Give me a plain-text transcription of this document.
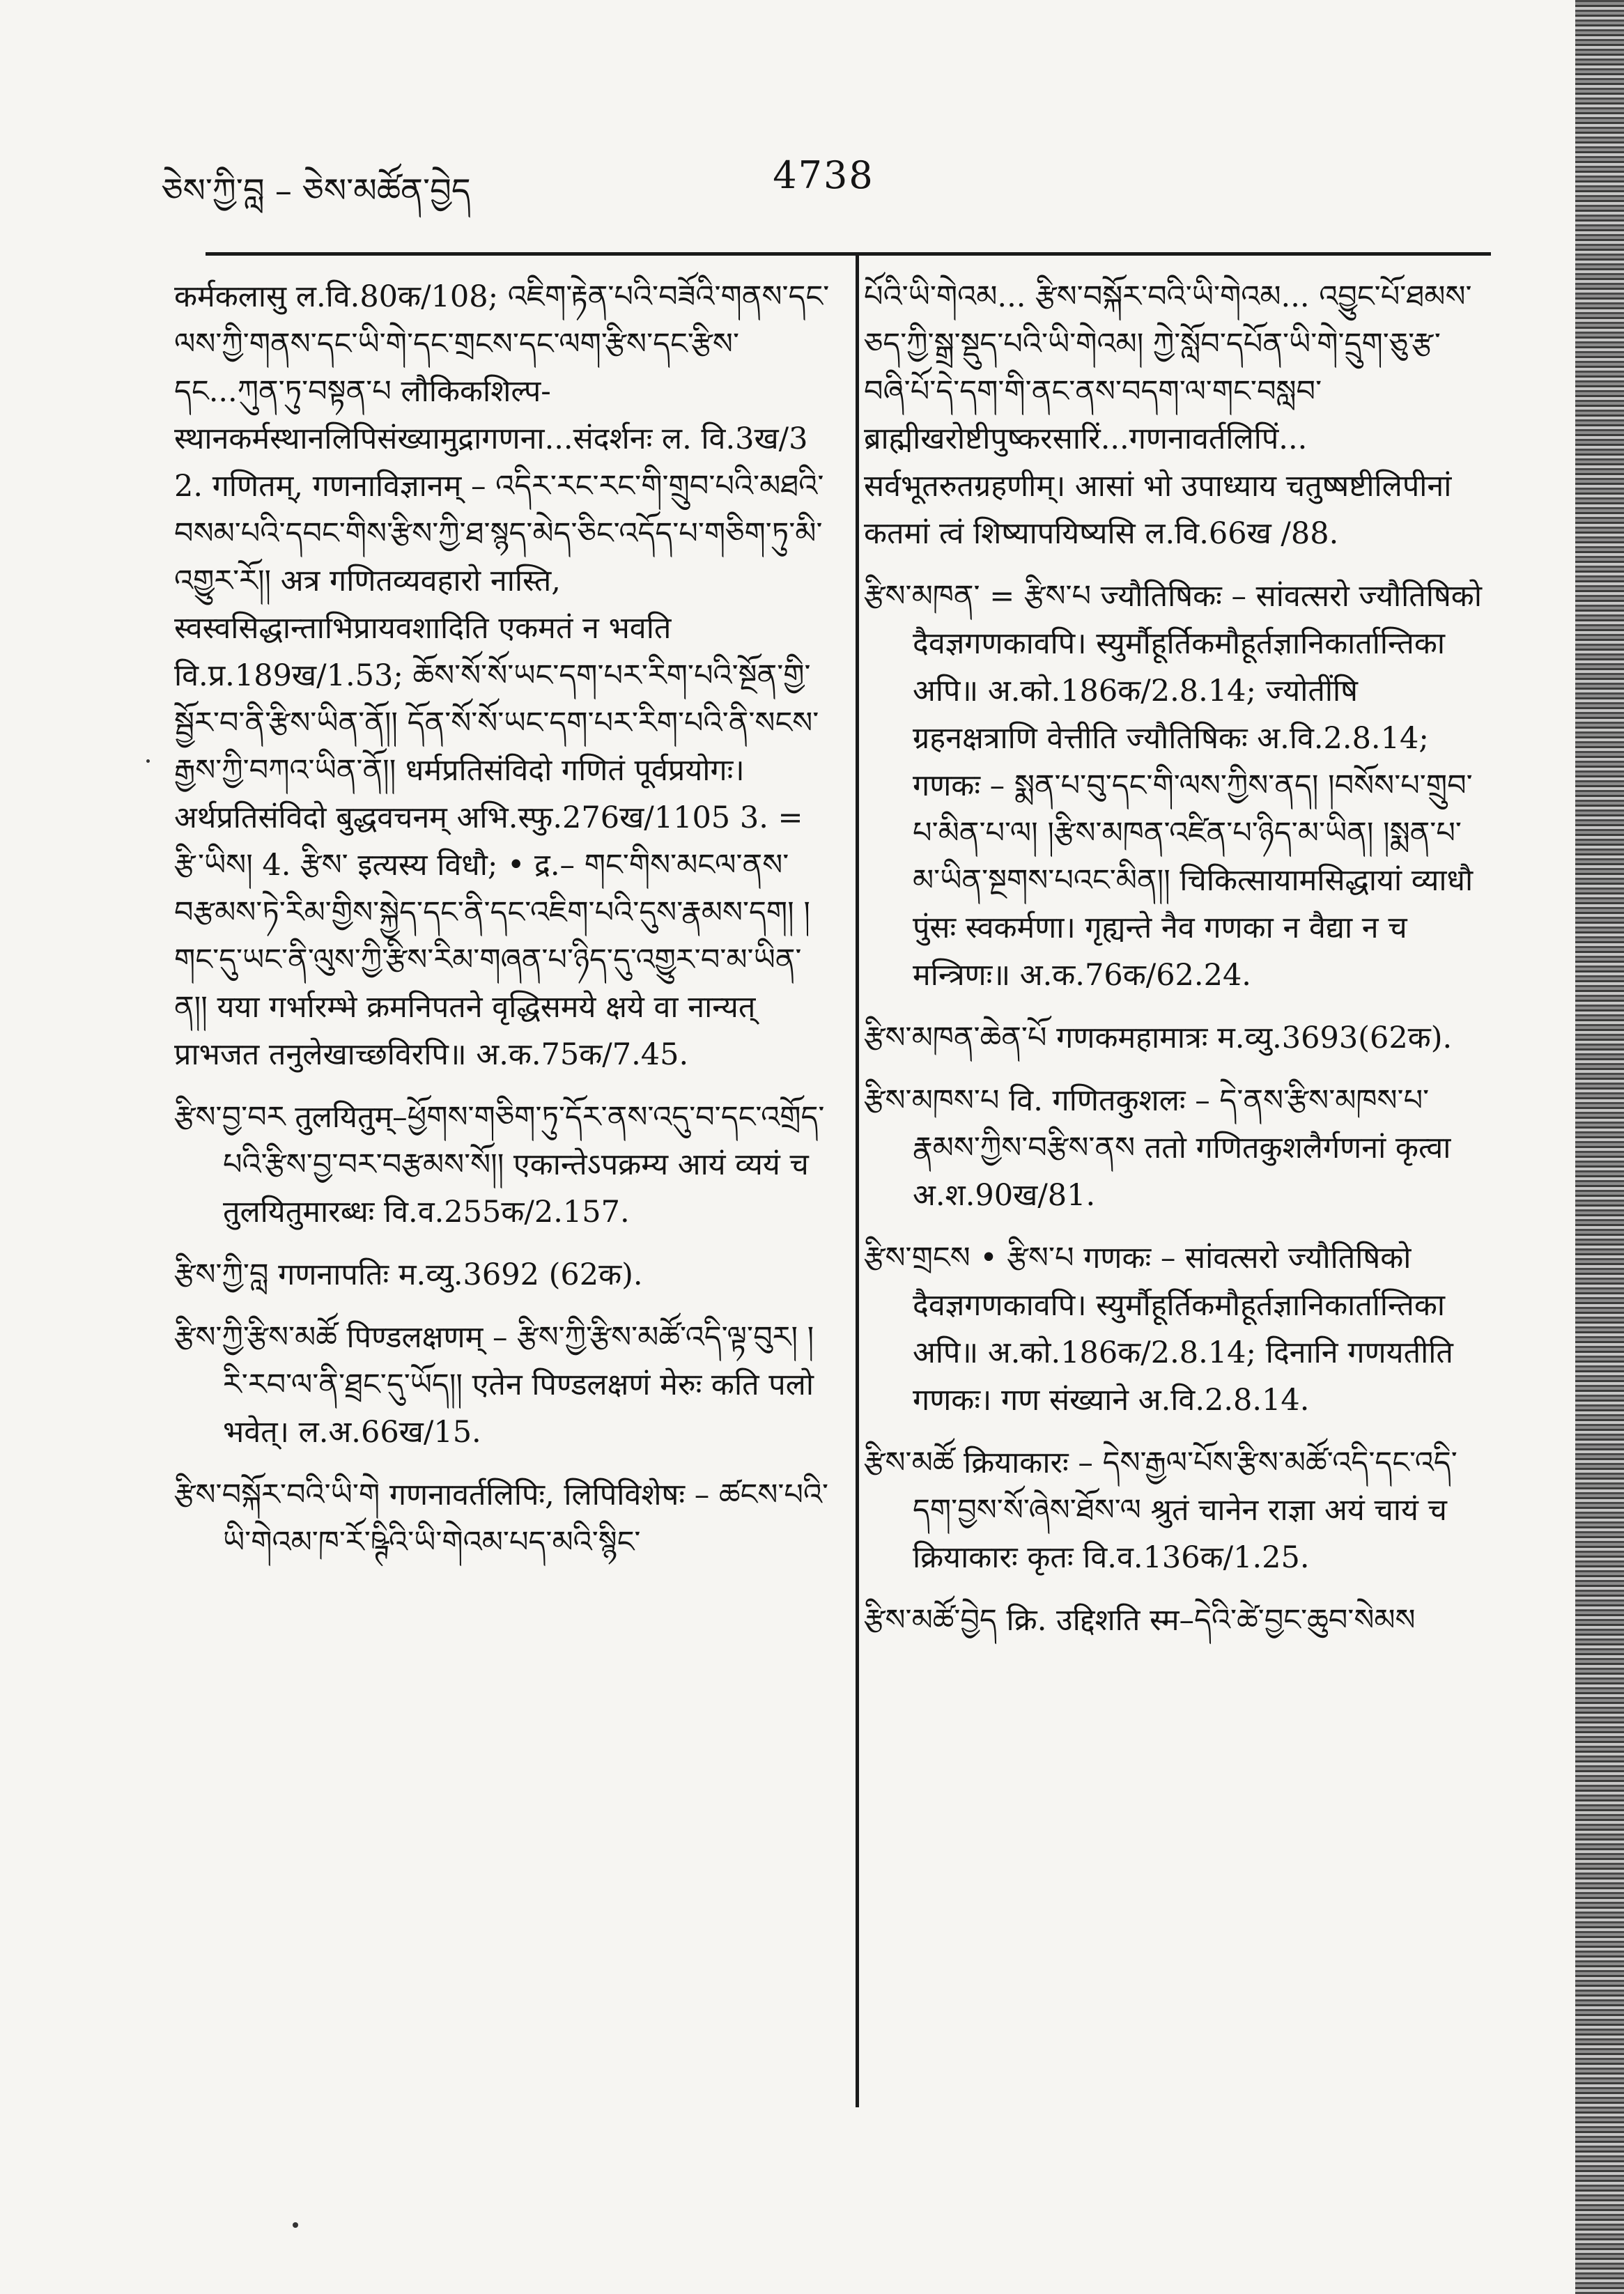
ཅེས་ཀྱི་བླ – ཅེས་མཚོན་བྱེད	4738

कर्मकलासु ल.वि.80क/108; འཇིག་རྟེན་པའི་བཟོའི་གནས་དང་ལས་ཀྱི་གནས་དང་ཡི་གེ་དང་གྲངས་དང་ལག་རྩིས་དང་རྩིས་དང...ཀུན་ཏུ་བསྟན་པ लौकिकशिल्प-स्थानकर्मस्थानलिपिसंख्यामुद्रागणना...संदर्शनः ल. वि.3ख/3 2. गणितम्, गणनाविज्ञानम् – འདིར་རང་རང་གི་གྲུབ་པའི་མཐའི་བསམ་པའི་དབང་གིས་རྩིས་ཀྱི་ཐ་སྙད་མེད་ཅིང་འདོད་པ་གཅིག་ཏུ་མི་འགྱུར་རོ།། अत्र गणितव्यवहारो नास्ति, स्वस्वसिद्धान्ताभिप्रायवशादिति एकमतं न भवति वि.प्र.189ख/1.53; ཆོས་སོ་སོ་ཡང་དག་པར་རིག་པའི་སྔོན་གྱི་སྦྱོར་བ་ནི་རྩིས་ཡིན་ནོ།། དོན་སོ་སོ་ཡང་དག་པར་རིག་པའི་ནི་སངས་རྒྱས་ཀྱི་བཀའ་ཡིན་ནོ།། धर्मप्रतिसंविदो गणितं पूर्वप्रयोगः। अर्थप्रतिसंविदो बुद्धवचनम् अभि.स्फु.276ख/1105 3. = རྩི་ཡིས། 4. རྩིས་ इत्यस्य विधौ; • द्र.– གང་གིས་མངལ་ནས་བརྩམས་ཏེ་རིམ་གྱིས་སྐྱེད་དང་ནི་དང་འཇིག་པའི་དུས་རྣམས་དག། །གང་དུ་ཡང་ནི་ལུས་ཀྱི་རྩིས་རིམ་གཞན་པ་ཉིད་དུ་འགྱུར་བ་མ་ཡིན་ན།། यया गर्भारम्भे क्रमनिपतने वृद्धिसमये क्षये वा नान्यत् प्राभजत तनुलेखाच्छविरपि॥ अ.क.75क/7.45.

རྩིས་བྱ་བར तुलयितुम्–ཕྱོགས་གཅིག་ཏུ་དོར་ནས་འདུ་བ་དང་འགྲོད་པའི་རྩིས་བྱ་བར་བརྩམས་སོ།། एकान्तेऽपक्रम्य आयं व्ययं च तुलयितुमारब्धः वि.व.255क/2.157.

རྩིས་ཀྱི་བླ गणनापतिः म.व्यु.3692 (62क).

རྩིས་ཀྱི་རྩིས་མཚོ पिण्डलक्षणम् – རྩིས་ཀྱི་རྩིས་མཚོ་འདི་ལྟ་བུར། །རི་རབ་ལ་ནི་ཐྲང་དུ་ཡོད།། एतेन पिण्डलक्षणं मेरुः कति पलो भवेत्। ल.अ.66ख/15.

རྩིས་བསྐོར་བའི་ཡི་གེ गणनावर्तलिपिः, लिपिविशेषः – ཚངས་པའི་ཡི་གེའམ་ཁ་རོ་ཥྚིའི་ཡི་གེའམ་པད་མའི་སྙིང་

པོའི་ཡི་གེའམ... རྩིས་བསྐོར་བའི་ཡི་གེའམ... འབྱུང་པོ་ཐམས་ཅད་ཀྱི་སྒྲ་སྡུད་པའི་ཡི་གེའམ། ཀྱེ་སློབ་དཔོན་ཡི་གེ་དྲུག་ཅུ་རྩ་བཞི་པོ་དེ་དག་གི་ནང་ནས་བདག་ལ་གང་བསླབ་ ब्राह्मीखरोष्टीपुष्करसारिं...गणनावर्तलिपिं... सर्वभूतरुतग्रहणीम्। आसां भो उपाध्याय चतुष्षष्टीलिपीनां कतमां त्वं शिष्यापयिष्यसि ल.वि.66ख /88.

རྩིས་མཁན་ = རྩིས་པ ज्यौतिषिकः – सांवत्सरो ज्यौतिषिको दैवज्ञगणकावपि। स्युर्मौहूर्तिकमौहूर्तज्ञानिकार्तान्तिका अपि॥ अ.को.186क/2.8.14; ज्योतींषि ग्रहनक्षत्राणि वेत्तीति ज्यौतिषिकः अ.वि.2.8.14; गणकः – སྨན་པ་བུ་དང་གི་ལས་ཀྱིས་ནད། །བསོས་པ་གྲུབ་པ་མིན་པ་ལ། །རྩིས་མཁན་འཛིན་པ་ཉིད་མ་ཡིན། །སྨན་པ་མ་ཡིན་སྔགས་པའང་མིན།། चिकित्सायामसिद्धायां व्याधौ पुंसः स्वकर्मणा। गृह्यन्ते नैव गणका न वैद्या न च मन्त्रिणः॥ अ.क.76क/62.24.

རྩིས་མཁན་ཆེན་པོ गणकमहामात्रः म.व्यु.3693(62क).

རྩིས་མཁས་པ वि. गणितकुशलः – དེ་ནས་རྩིས་མཁས་པ་རྣམས་ཀྱིས་བརྩིས་ནས ततो गणितकुशलैर्गणनां कृत्वा अ.श.90ख/81.

རྩིས་གྲངས • རྩིས་པ गणकः – सांवत्सरो ज्यौतिषिको दैवज्ञगणकावपि। स्युर्मौहूर्तिकमौहूर्तज्ञानिकार्तान्तिका अपि॥ अ.को.186क/2.8.14; दिनानि गणयतीति गणकः। गण संख्याने अ.वि.2.8.14.

རྩིས་མཚོ क्रियाकारः – དེས་རྒྱལ་པོས་རྩིས་མཚོ་འདི་དང་འདི་དག་བྱས་སོ་ཞེས་ཐོས་ལ श्रुतं चानेन राज्ञा अयं चायं च क्रियाकारः कृतः वि.व.136क/1.25.

རྩིས་མཚོ་བྱེད क्रि. उद्दिशति स्म–དེའི་ཚེ་བྱང་ཆུབ་སེམས
